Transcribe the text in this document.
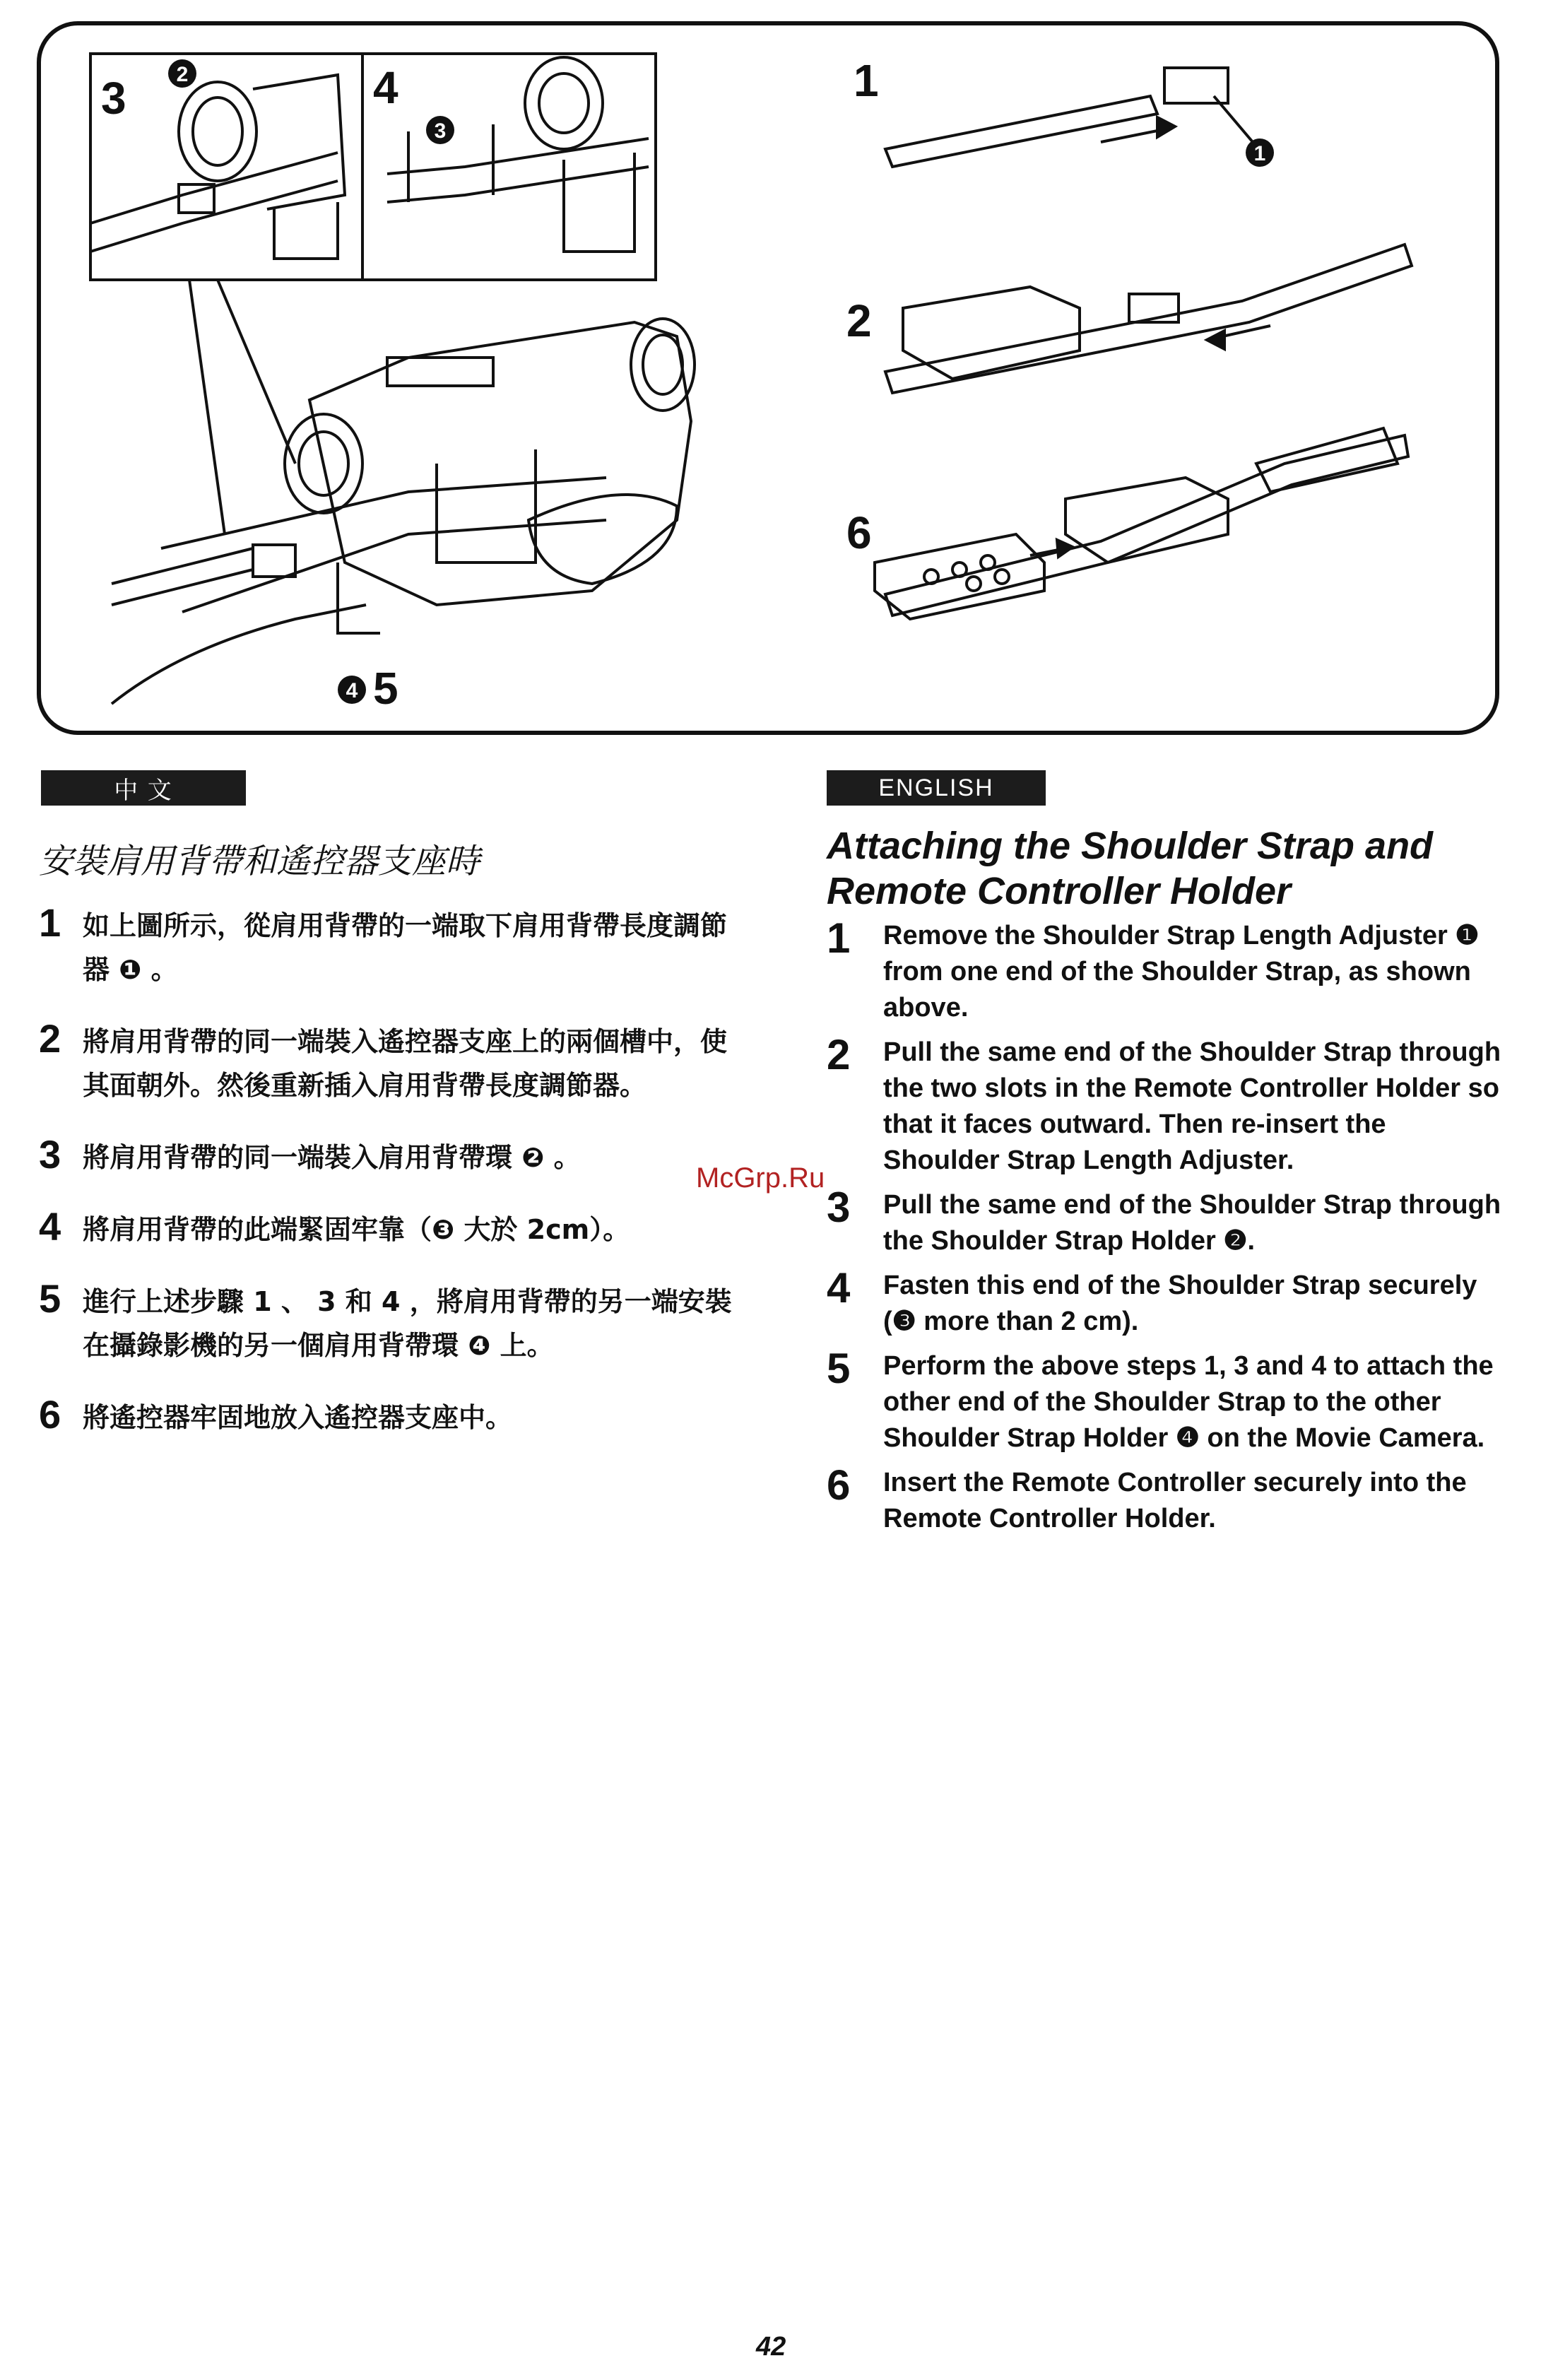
3	4	1
2
6
5
2
3
1
4
中 文	ENGLISH
安裝肩用背帶和遙控器支座時
1 如上圖所示，從肩用背帶的一端取下肩用背帶長度調節器 ❶ 。
2 將肩用背帶的同一端裝入遙控器支座上的兩個槽中，使其面朝外。然後重新插入肩用背帶長度調節器。
3 將肩用背帶的同一端裝入肩用背帶環 ❷ 。
4 將肩用背帶的此端緊固牢靠（❸ 大於 2cm）。
5 進行上述步驟 1 、 3 和 4 ，將肩用背帶的另一端安裝在攝錄影機的另一個肩用背帶環 ❹ 上。
6 將遙控器牢固地放入遙控器支座中。
Attaching the Shoulder Strap and Remote Controller Holder
1 Remove the Shoulder Strap Length Adjuster ❶ from one end of the Shoulder Strap, as shown above.
2 Pull the same end of the Shoulder Strap through the two slots in the Remote Controller Holder so that it faces outward. Then re-insert the Shoulder Strap Length Adjuster.
3 Pull the same end of the Shoulder Strap through the Shoulder Strap Holder ❷.
4 Fasten this end of the Shoulder Strap securely (❸ more than 2 cm).
5 Perform the above steps 1, 3 and 4 to attach the other end of the Shoulder Strap to the other Shoulder Strap Holder ❹ on the Movie Camera.
6 Insert the Remote Controller securely into the Remote Controller Holder.
McGrp.Ru
42
